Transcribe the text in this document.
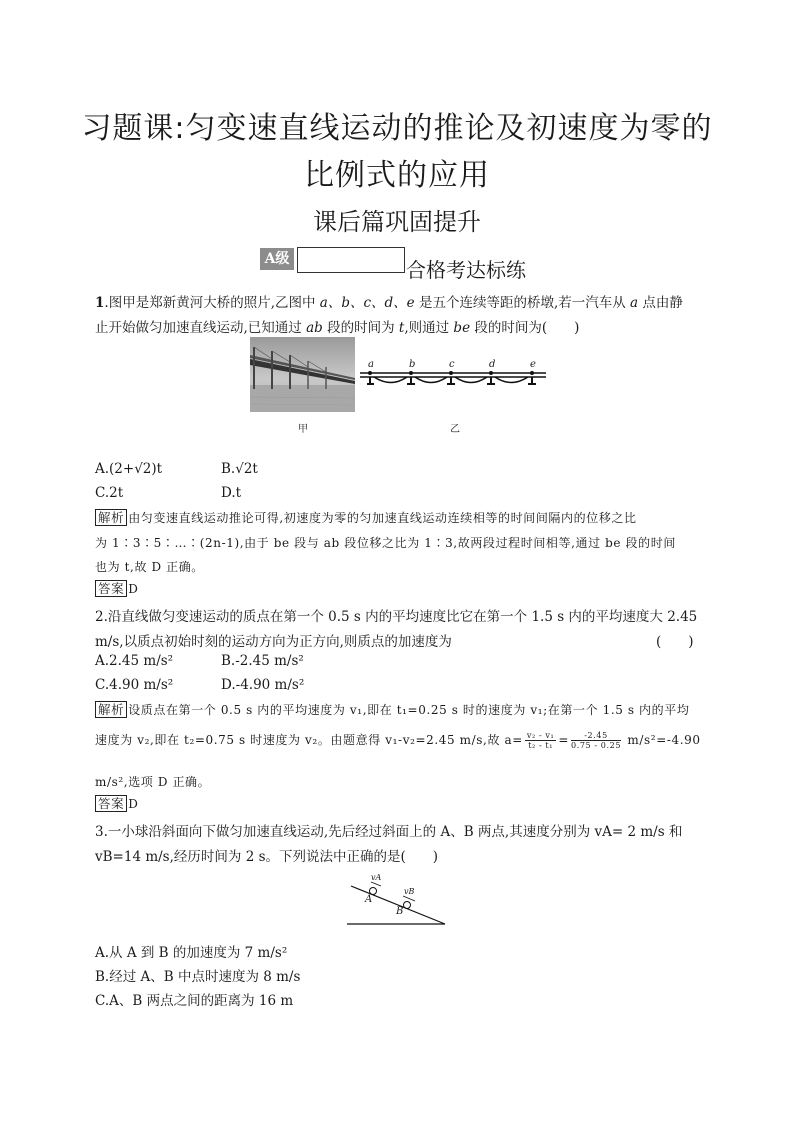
习题课:匀变速直线运动的推论及初速度为零的
比例式的应用
课后篇巩固提升
A级	合格考达标练
1.图甲是郑新黄河大桥的照片,乙图中 a、b、c、d、e 是五个连续等距的桥墩,若一汽车从 a 点由静
止开始做匀加速直线运动,已知通过 ab 段的时间为 t,则通过 be 段的时间为(　　)
a	b	c	d	e
甲	乙
A.(2+√2)t	B.√2t
C.2t	D.t
解析 由匀变速直线运动推论可得,初速度为零的匀加速直线运动连续相等的时间间隔内的位移之比
为 1∶3∶5∶…∶(2n-1),由于 be 段与 ab 段位移之比为 1∶3,故两段过程时间相等,通过 be 段的时间
也为 t,故 D 正确。
答案 D
2.沿直线做匀变速运动的质点在第一个 0.5 s 内的平均速度比它在第一个 1.5 s 内的平均速度大 2.45
m/s,以质点初始时刻的运动方向为正方向,则质点的加速度为	(　　)
A.2.45 m/s²	B.-2.45 m/s²
C.4.90 m/s²	D.-4.90 m/s²
解析 设质点在第一个 0.5 s 内的平均速度为 v₁,即在 t₁=0.25 s 时的速度为 v₁;在第一个 1.5 s 内的平均
速度为 v₂,即在 t₂=0.75 s 时速度为 v₂。由题意得 v₁-v₂=2.45 m/s,故 $a= \frac{\text{v₂ - v₁}}{\text{t₂ - t₁}} = \frac{-2.45}{0.75 - 0.25} m/s^2=-4.90$
m/s²,选项 D 正确。
答案 D
3.一小球沿斜面向下做匀加速直线运动,先后经过斜面上的 A、B 两点,其速度分别为 vA= 2 m/s 和
vB=14 m/s,经历时间为 2 s。下列说法中正确的是(　　)
vA
vB
A
B
A.从 A 到 B 的加速度为 7 m/s²
B.经过 A、B 中点时速度为 8 m/s
C.A、B 两点之间的距离为 16 m
